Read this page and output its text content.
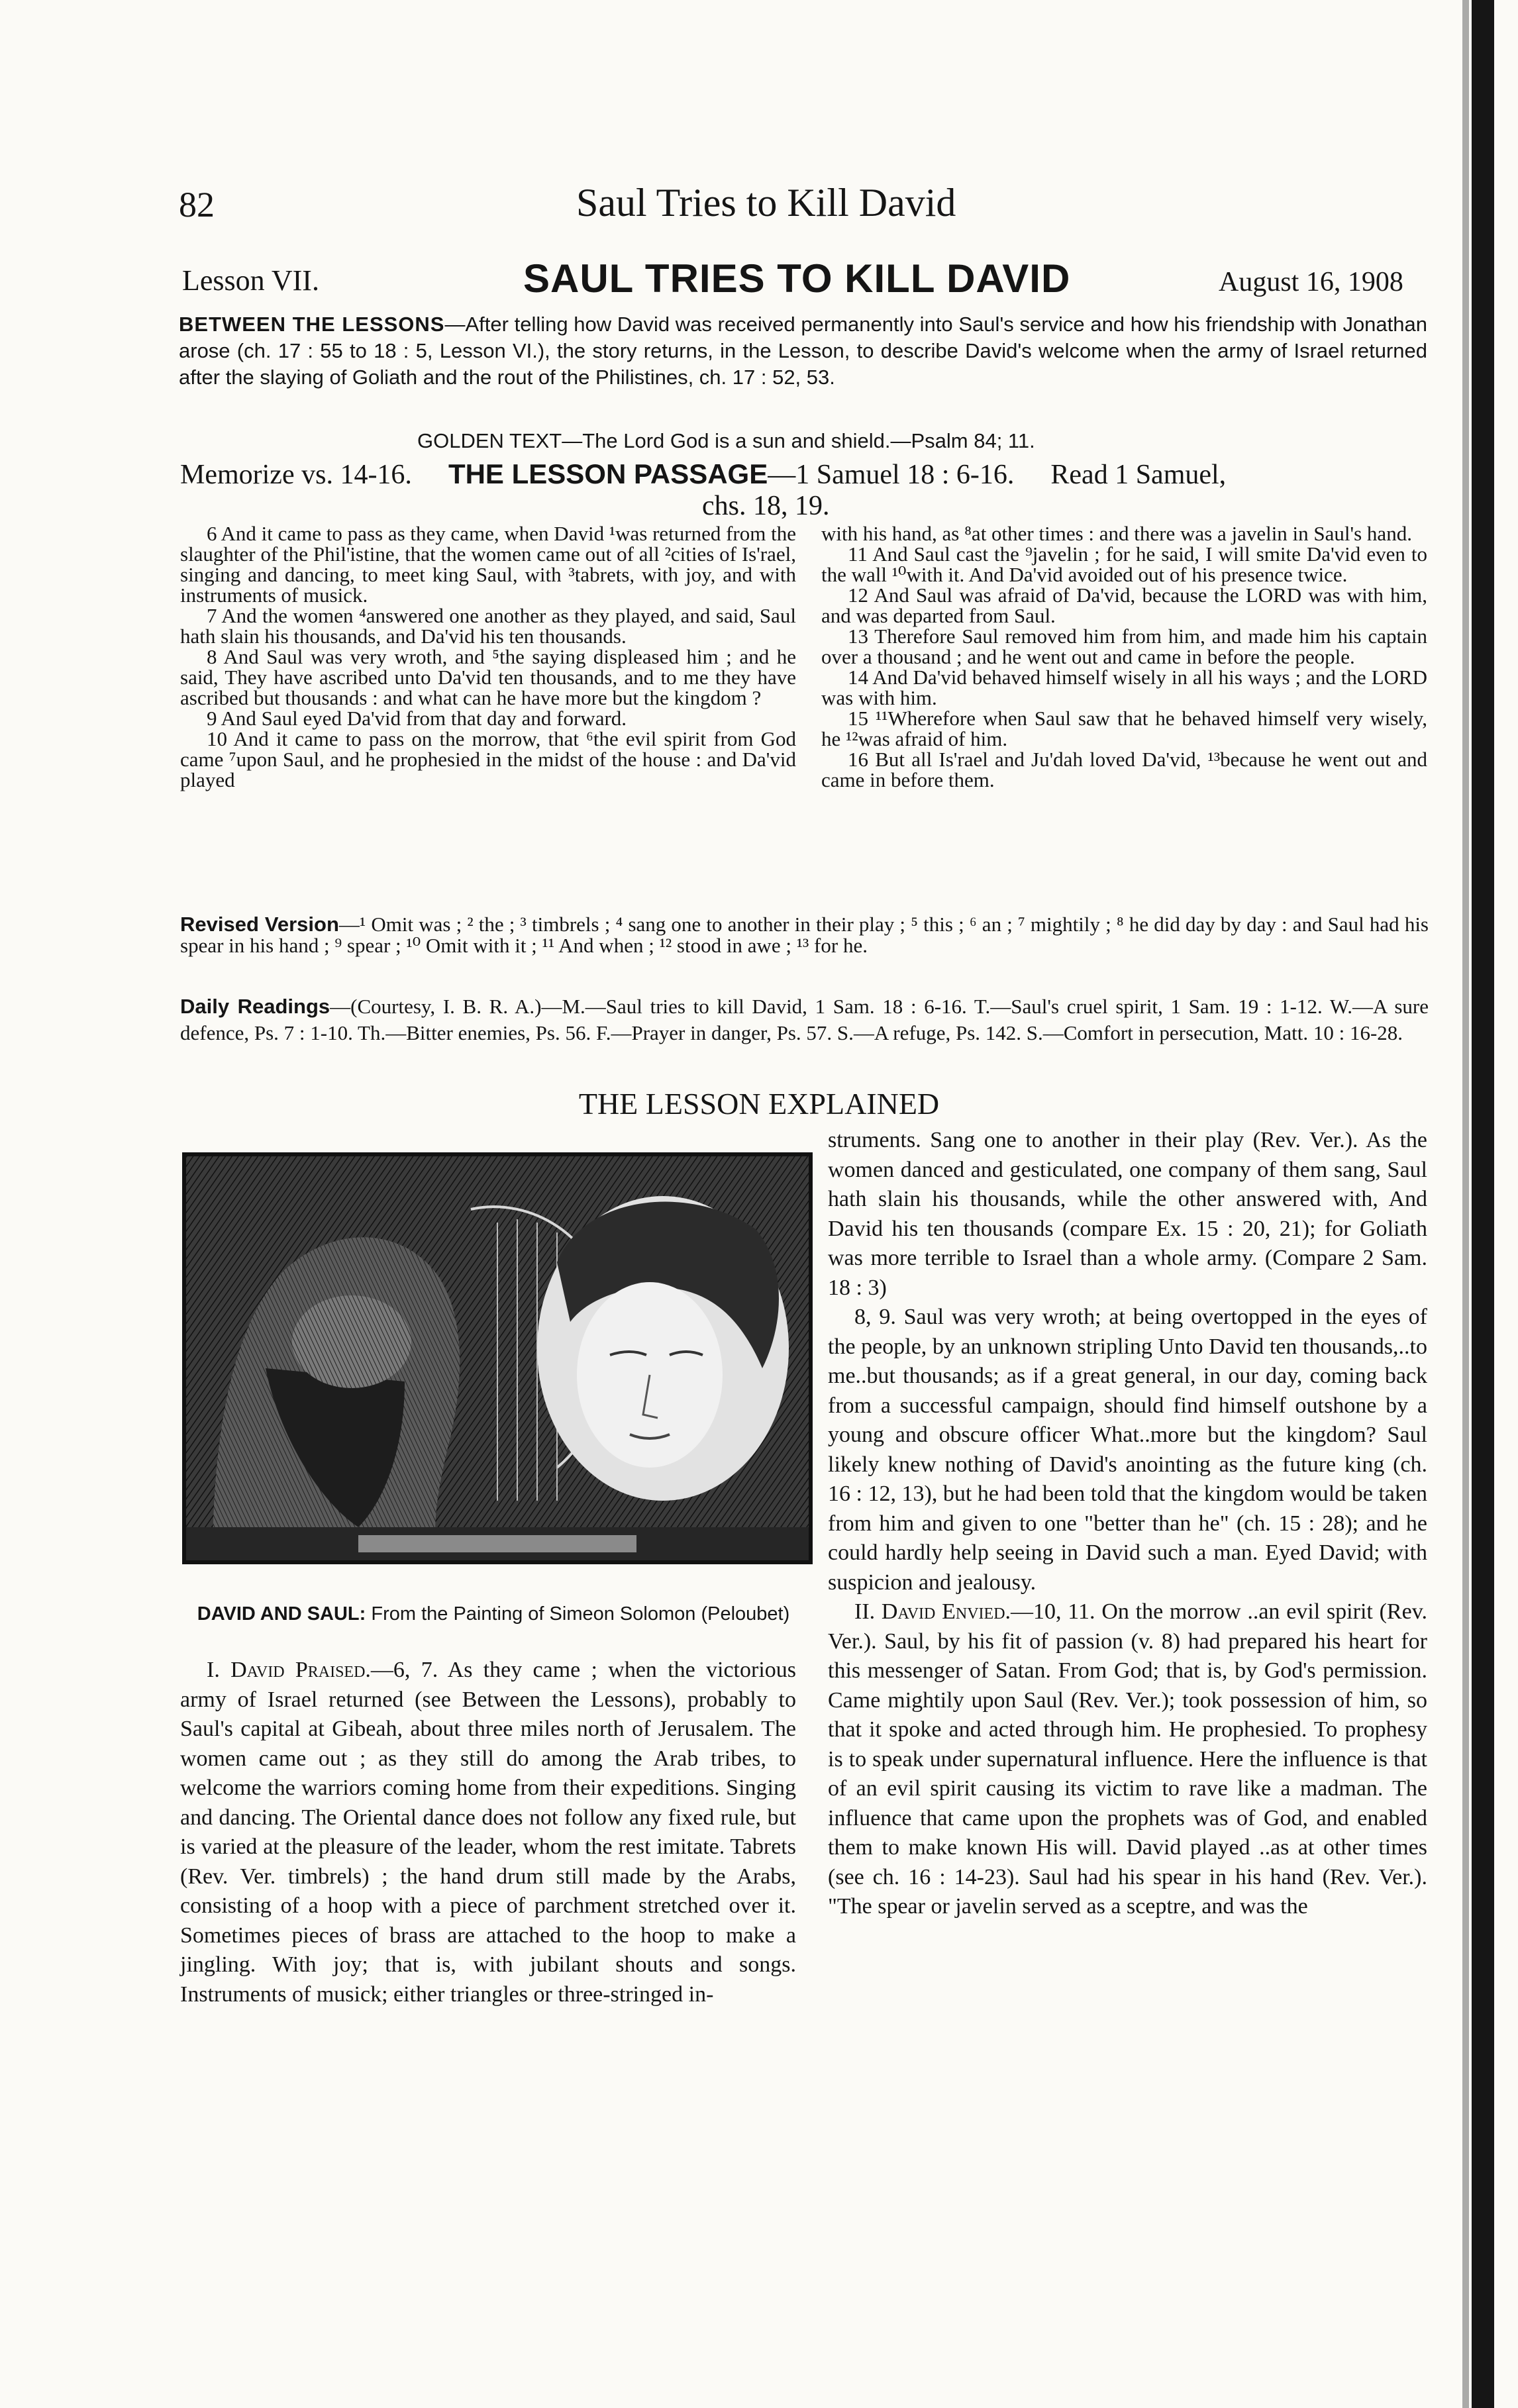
82	Saul Tries to Kill David
Lesson VII.	SAUL TRIES TO KILL DAVID	August 16, 1908
BETWEEN THE LESSONS—After telling how David was received permanently into Saul's service and how his friendship with Jonathan arose (ch. 17 : 55 to 18 : 5, Lesson VI.), the story returns, in the Lesson, to describe David's welcome when the army of Israel returned after the slaying of Goliath and the rout of the Philistines, ch. 17 : 52, 53.
GOLDEN TEXT—The Lord God is a sun and shield.—Psalm 84; 11.
Memorize vs. 14-16. THE LESSON PASSAGE—1 Samuel 18 : 6-16. Read 1 Samuel,
chs. 18, 19.

6 And it came to pass as they came, when David ¹was returned from the slaughter of the Phil'istine, that the women came out of all ²cities of Is'rael, singing and dancing, to meet king Saul, with ³tabrets, with joy, and with instruments of musick.

7 And the women ⁴answered one another as they played, and said, Saul hath slain his thousands, and Da'vid his ten thousands.

8 And Saul was very wroth, and ⁵the saying displeased him ; and he said, They have ascribed unto Da'vid ten thousands, and to me they have ascribed but thousands : and what can he have more but the kingdom ?

9 And Saul eyed Da'vid from that day and forward.

10 And it came to pass on the morrow, that ⁶the evil spirit from God came ⁷upon Saul, and he prophesied in the midst of the house : and Da'vid played

with his hand, as ⁸at other times : and there was a javelin in Saul's hand.

11 And Saul cast the ⁹javelin ; for he said, I will smite Da'vid even to the wall ¹⁰with it. And Da'vid avoided out of his presence twice.

12 And Saul was afraid of Da'vid, because the LORD was with him, and was departed from Saul.

13 Therefore Saul removed him from him, and made him his captain over a thousand ; and he went out and came in before the people.

14 And Da'vid behaved himself wisely in all his ways ; and the LORD was with him.

15 ¹¹Wherefore when Saul saw that he behaved himself very wisely, he ¹²was afraid of him.

16 But all Is'rael and Ju'dah loved Da'vid, ¹³because he went out and came in before them.

Revised Version—¹ Omit was ; ² the ; ³ timbrels ; ⁴ sang one to another in their play ; ⁵ this ; ⁶ an ; ⁷ mightily ; ⁸ he did day by day : and Saul had his spear in his hand ; ⁹ spear ; ¹⁰ Omit with it ; ¹¹ And when ; ¹² stood in awe ; ¹³ for he.
Daily Readings—(Courtesy, I. B. R. A.)—M.—Saul tries to kill David, 1 Sam. 18 : 6-16. T.—Saul's cruel spirit, 1 Sam. 19 : 1-12. W.—A sure defence, Ps. 7 : 1-10. Th.—Bitter enemies, Ps. 56. F.—Prayer in danger, Ps. 57. S.—A refuge, Ps. 142. S.—Comfort in persecution, Matt. 10 : 16-28.
THE LESSON EXPLAINED
DAVID AND SAUL: From the Painting of Simeon Solomon (Peloubet)

I. David Praised.—6, 7. As they came ; when the victorious army of Israel returned (see Between the Lessons), probably to Saul's capital at Gibeah, about three miles north of Jerusalem. The women came out ; as they still do among the Arab tribes, to welcome the warriors coming home from their expeditions. Singing and dancing. The Oriental dance does not follow any fixed rule, but is varied at the pleasure of the leader, whom the rest imitate. Tabrets (Rev. Ver. timbrels) ; the hand drum still made by the Arabs, consisting of a hoop with a piece of parchment stretched over it. Sometimes pieces of brass are attached to the hoop to make a jingling. With joy; that is, with jubilant shouts and songs. Instruments of musick; either triangles or three-stringed in-

struments. Sang one to another in their play (Rev. Ver.). As the women danced and gesticulated, one company of them sang, Saul hath slain his thousands, while the other answered with, And David his ten thousands (compare Ex. 15 : 20, 21); for Goliath was more terrible to Israel than a whole army. (Compare 2 Sam. 18 : 3)

8, 9. Saul was very wroth; at being overtopped in the eyes of the people, by an unknown stripling Unto David ten thousands,..to me..but thousands; as if a great general, in our day, coming back from a successful campaign, should find himself outshone by a young and obscure officer What..more but the kingdom? Saul likely knew nothing of David's anointing as the future king (ch. 16 : 12, 13), but he had been told that the kingdom would be taken from him and given to one "better than he" (ch. 15 : 28); and he could hardly help seeing in David such a man. Eyed David; with suspicion and jealousy.

II. David Envied.—10, 11. On the morrow ..an evil spirit (Rev. Ver.). Saul, by his fit of passion (v. 8) had prepared his heart for this messenger of Satan. From God; that is, by God's permission. Came mightily upon Saul (Rev. Ver.); took possession of him, so that it spoke and acted through him. He prophesied. To prophesy is to speak under supernatural influence. Here the influence is that of an evil spirit causing its victim to rave like a madman. The influence that came upon the prophets was of God, and enabled them to make known His will. David played ..as at other times (see ch. 16 : 14-23). Saul had his spear in his hand (Rev. Ver.). "The spear or javelin served as a sceptre, and was the
